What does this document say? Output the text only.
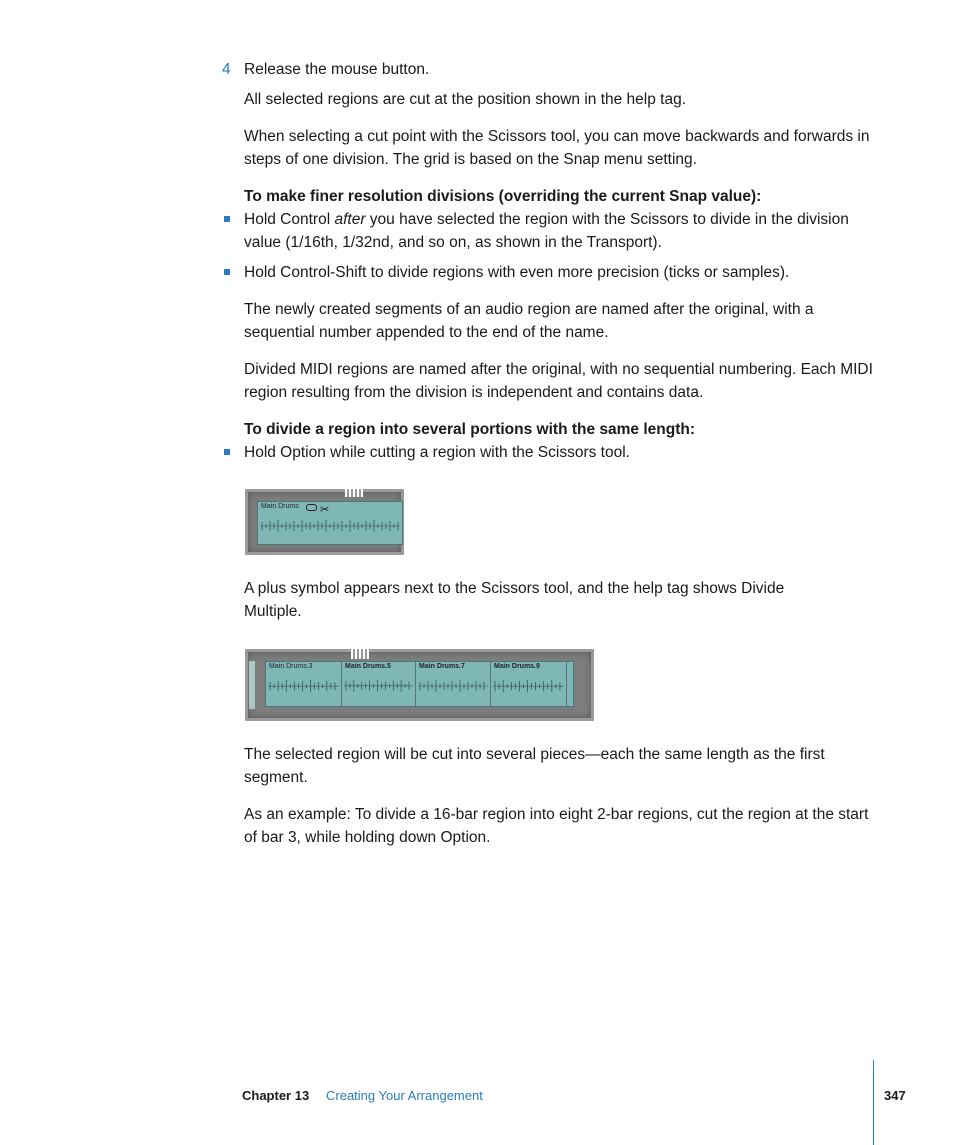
4 Release the mouse button.
All selected regions are cut at the position shown in the help tag.
When selecting a cut point with the Scissors tool, you can move backwards and forwards in steps of one division. The grid is based on the Snap menu setting.
To make finer resolution divisions (overriding the current Snap value):
Hold Control after you have selected the region with the Scissors to divide in the division value (1/16th, 1/32nd, and so on, as shown in the Transport).
Hold Control-Shift to divide regions with even more precision (ticks or samples).
The newly created segments of an audio region are named after the original, with a sequential number appended to the end of the name.
Divided MIDI regions are named after the original, with no sequential numbering. Each MIDI region resulting from the division is independent and contains data.
To divide a region into several portions with the same length:
Hold Option while cutting a region with the Scissors tool.
Main Drums ✂
A plus symbol appears next to the Scissors tool, and the help tag shows Divide Multiple.
Main Drums.3	Main Drums.5	Main Drums.7	Main Drums.9
The selected region will be cut into several pieces—each the same length as the first segment.
As an example: To divide a 16-bar region into eight 2-bar regions, cut the region at the start of bar 3, while holding down Option.
Chapter 13 Creating Your Arrangement	347
